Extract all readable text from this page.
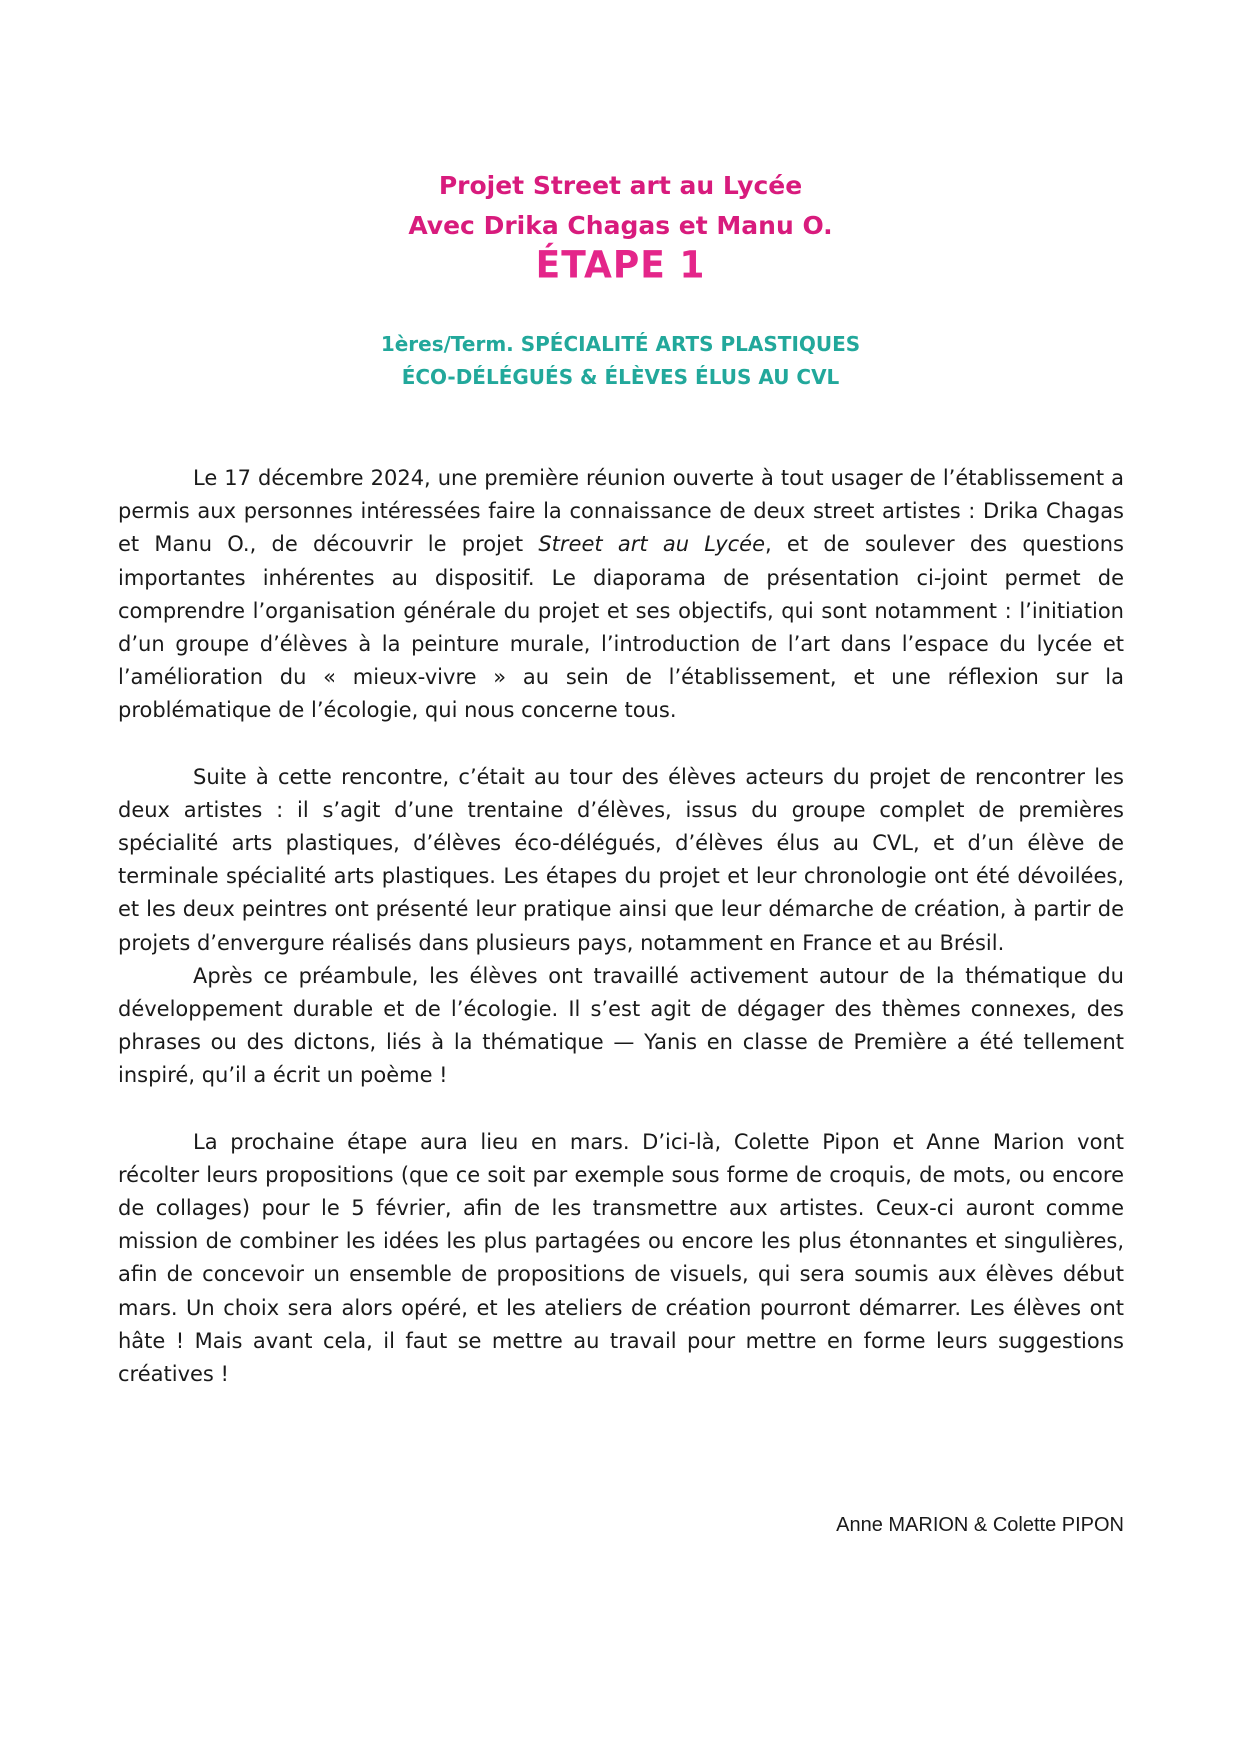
Projet Street art au Lycée
Avec Drika Chagas et Manu O.
ÉTAPE 1
1ères/Term. SPÉCIALITÉ ARTS PLASTIQUES
ÉCO-DÉLÉGUÉS & ÉLÈVES ÉLUS AU CVL

Le 17 décembre 2024, une première réunion ouverte à tout usager de l’établissement a permis aux personnes intéressées faire la connaissance de deux street artistes : Drika Chagas et Manu O., de découvrir le projet Street art au Lycée, et de soulever des questions importantes inhérentes au dispositif. Le diaporama de présentation ci-joint permet de comprendre l’organisation générale du projet et ses objectifs, qui sont notamment : l’initiation d’un groupe d’élèves à la peinture murale, l’introduction de l’art dans l’espace du lycée et l’amélioration du « mieux-vivre » au sein de l’établissement, et une réflexion sur la problématique de l’écologie, qui nous concerne tous.

Suite à cette rencontre, c’était au tour des élèves acteurs du projet de rencontrer les deux artistes : il s’agit d’une trentaine d’élèves, issus du groupe complet de premières spécialité arts plastiques, d’élèves éco-délégués, d’élèves élus au CVL, et d’un élève de terminale spécialité arts plastiques. Les étapes du projet et leur chronologie ont été dévoilées, et les deux peintres ont présenté leur pratique ainsi que leur démarche de création, à partir de projets d’envergure réalisés dans plusieurs pays, notamment en France et au Brésil.

Après ce préambule, les élèves ont travaillé activement autour de la thématique du développement durable et de l’écologie. Il s’est agit de dégager des thèmes connexes, des phrases ou des dictons, liés à la thématique — Yanis en classe de Première a été tellement inspiré, qu’il a écrit un poème !

La prochaine étape aura lieu en mars. D’ici-là, Colette Pipon et Anne Marion vont récolter leurs propositions (que ce soit par exemple sous forme de croquis, de mots, ou encore de collages) pour le 5 février, afin de les transmettre aux artistes. Ceux-ci auront comme mission de combiner les idées les plus partagées ou encore les plus étonnantes et singulières, afin de concevoir un ensemble de propositions de visuels, qui sera soumis aux élèves début mars. Un choix sera alors opéré, et les ateliers de création pourront démarrer. Les élèves ont hâte ! Mais avant cela, il faut se mettre au travail pour mettre en forme leurs suggestions créatives !

Anne MARION & Colette PIPON
